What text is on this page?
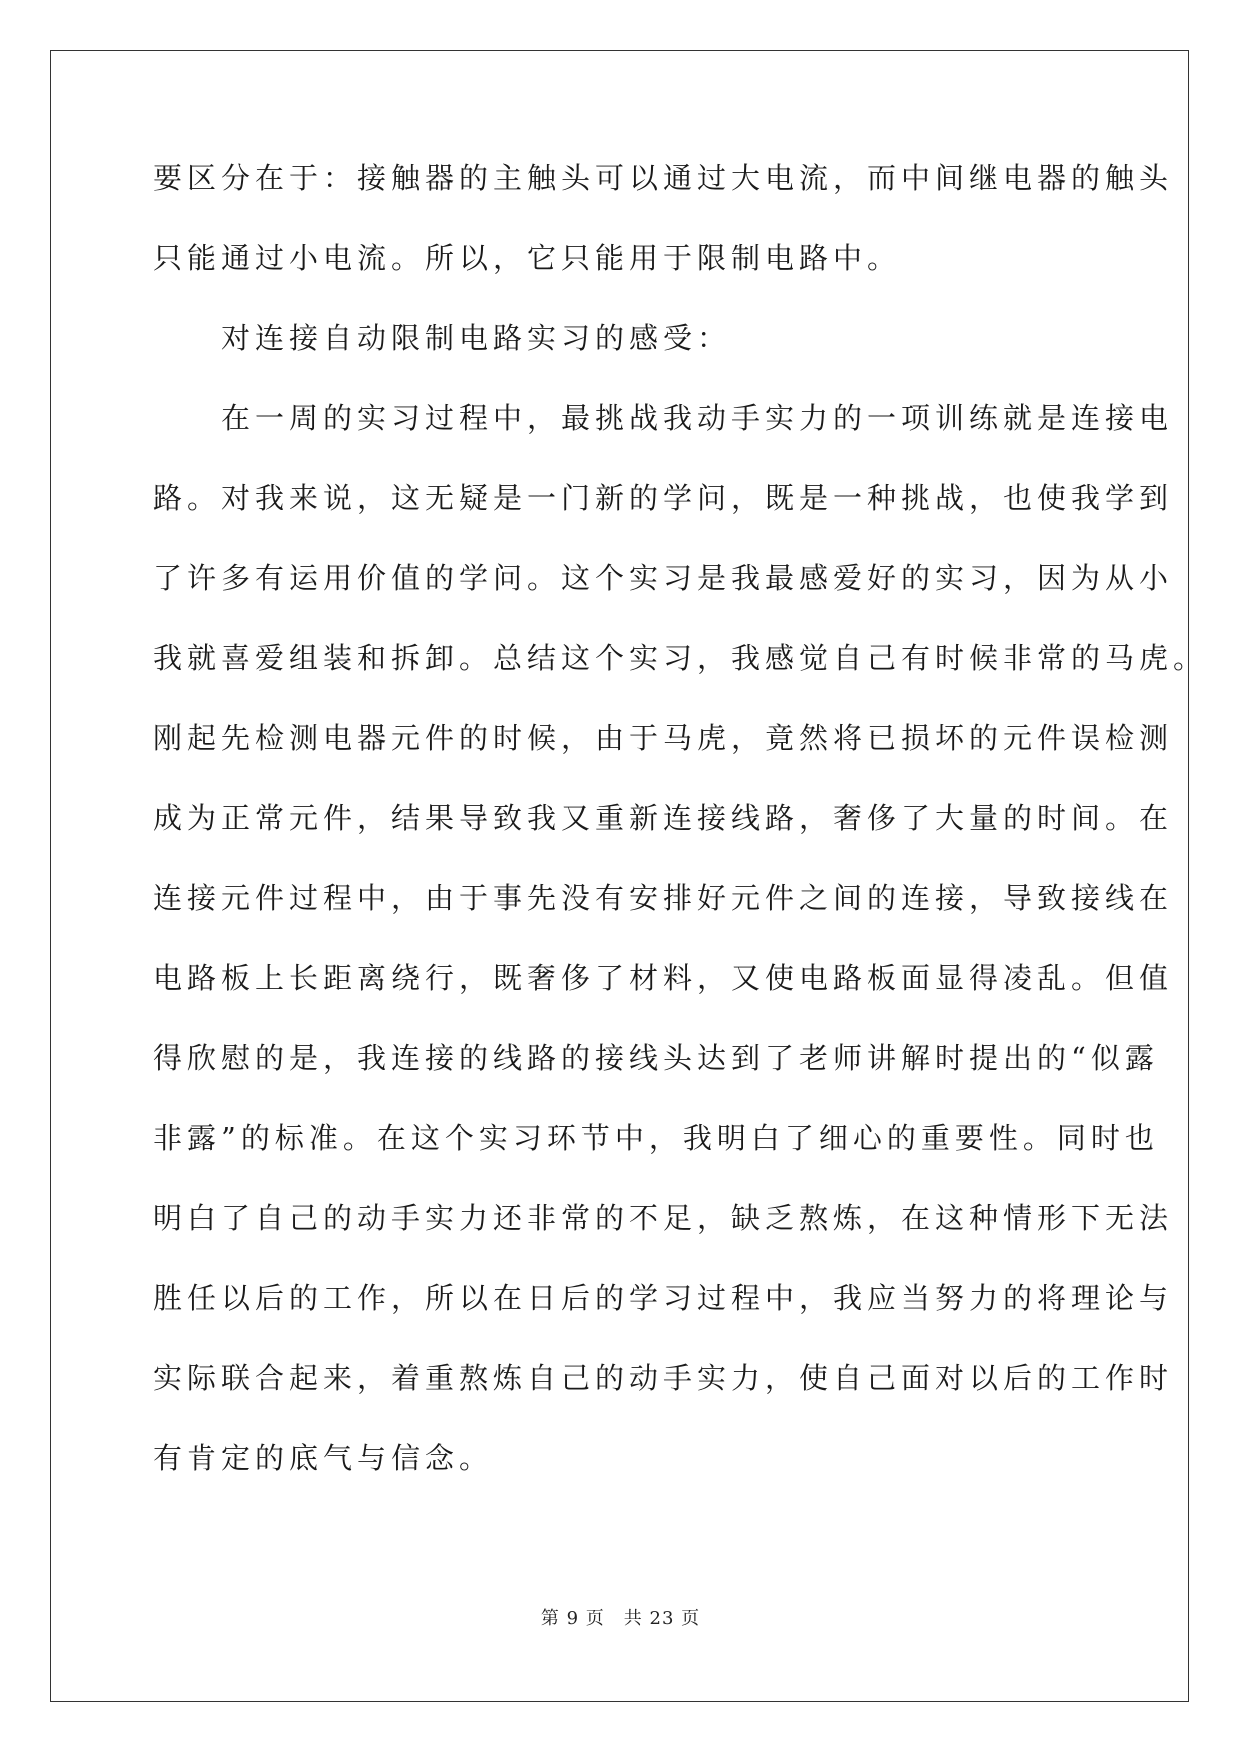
要区分在于：接触器的主触头可以通过大电流，而中间继电器的触头
只能通过小电流。所以，它只能用于限制电路中。
　　对连接自动限制电路实习的感受：
　　在一周的实习过程中，最挑战我动手实力的一项训练就是连接电
路。对我来说，这无疑是一门新的学问，既是一种挑战，也使我学到
了许多有运用价值的学问。这个实习是我最感爱好的实习，因为从小
我就喜爱组装和拆卸。总结这个实习，我感觉自己有时候非常的马虎。
刚起先检测电器元件的时候，由于马虎，竟然将已损坏的元件误检测
成为正常元件，结果导致我又重新连接线路，奢侈了大量的时间。在
连接元件过程中，由于事先没有安排好元件之间的连接，导致接线在
电路板上长距离绕行，既奢侈了材料，又使电路板面显得凌乱。但值
得欣慰的是，我连接的线路的接线头达到了老师讲解时提出的“似露
非露”的标准。在这个实习环节中，我明白了细心的重要性。同时也
明白了自己的动手实力还非常的不足，缺乏熬炼，在这种情形下无法
胜任以后的工作，所以在日后的学习过程中，我应当努力的将理论与
实际联合起来，着重熬炼自己的动手实力，使自己面对以后的工作时
有肯定的底气与信念。
第 9 页　共 23 页
